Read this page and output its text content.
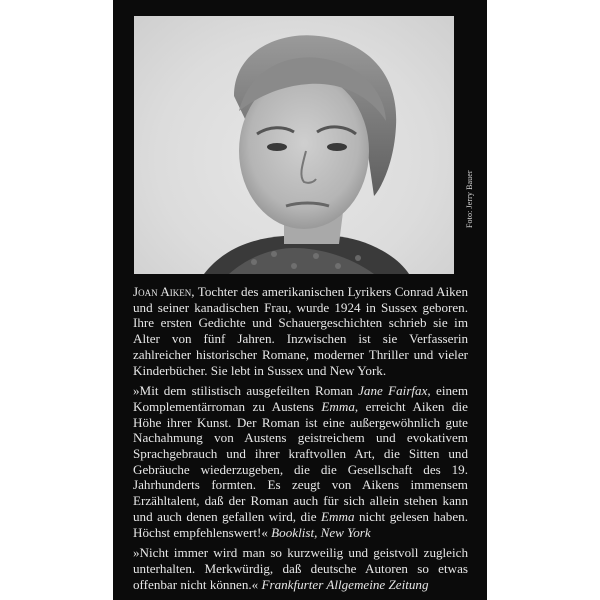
Foto: Jerry Bauer

Joan Aiken, Tochter des amerikanischen Lyrikers Conrad Aiken und seiner kanadischen Frau, wurde 1924 in Sussex geboren. Ihre ersten Gedichte und Schauergeschichten schrieb sie im Alter von fünf Jahren. Inzwischen ist sie Verfasserin zahlreicher historischer Romane, moderner Thriller und vieler Kinderbücher. Sie lebt in Sussex und New York.

»Mit dem stilistisch ausgefeilten Roman Jane Fairfax, einem Komplementärroman zu Austens Emma, erreicht Aiken die Höhe ihrer Kunst. Der Roman ist eine außergewöhnlich gute Nachahmung von Austens geistreichem und evokativem Sprachgebrauch und ihrer kraftvollen Art, die Sitten und Gebräuche wiederzugeben, die die Gesellschaft des 19. Jahrhunderts formten. Es zeugt von Aikens immensem Erzähltalent, daß der Roman auch für sich allein stehen kann und auch denen gefallen wird, die Emma nicht gelesen haben. Höchst empfehlenswert!« Booklist, New York

»Nicht immer wird man so kurzweilig und geistvoll zugleich unterhalten. Merkwürdig, daß deutsche Autoren so etwas offenbar nicht können.« Frankfurter Allgemeine Zeitung
